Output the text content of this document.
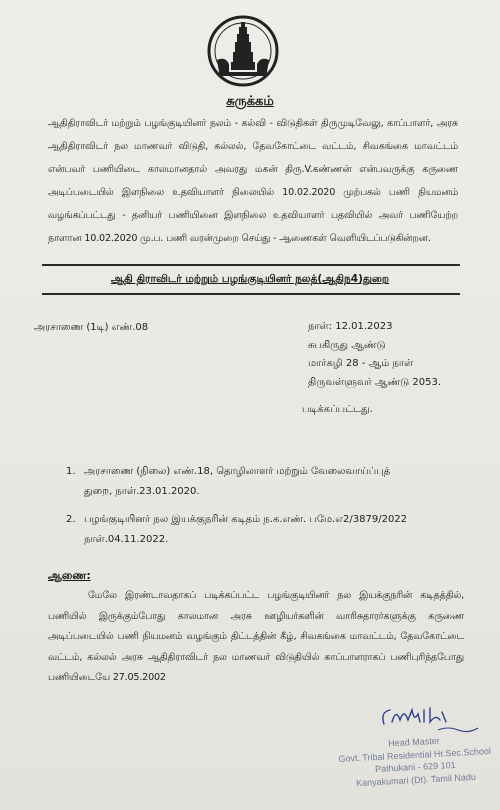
சுருக்கம்
ஆதிதிராவிடர் மற்றும் பழங்குடியினர் நலம் - கல்வி - விடுதிகள் திருமுடிவேலு, காப்பாளர், அரசு ஆதிதிராவிடர் நல மாணவர் விடுதி, கல்லல், தேவகோட்டை வட்டம், சிவகங்கை மாவட்டம் என்பவர் பணியிடை காலமானதால் அவரது மகன் திரு.V.கண்ணன் என்பவருக்கு கருணை அடிப்படையில் இளநிலை உதவியாளர் நிலையில் 10.02.2020 முற்பகல் பணி நியமனம் வழங்கப்பட்டது - தனியர் பணியினை இளநிலை உதவியாளர் பதவியில் அவர் பணியேற்ற நாளான 10.02.2020 மு.ப. பணி வரன்முறை செய்து - ஆணைகள் வெளியிடப்படுகின்றன.
ஆதி திராவிடர் மற்றும் பழங்குடியினர் நலத்(ஆதிந4)துறை
அரசாணை (1டி) எண்.08	நாள்: 12.01.2023
சுபகிருது ஆண்டு
மார்கழி 28 - ஆம் நாள்
திருவள்ளுவர் ஆண்டு 2053.
படிக்கப்பட்டது.
1. அரசாணை (நிலை) எண்.18, தொழிலாளர் மற்றும் வேலைவாய்ப்புத் துறை, நாள்.23.01.2020.
2. பழங்குடியினர் நல இயக்குநரின் கடிதம் ந.க.எண். பமே.எ2/3879/2022 நாள்.04.11.2022.
ஆணை:
மேலே இரண்டாவதாகப் படிக்கப்பட்ட பழங்குடியினர் நல இயக்குநரின் கடிதத்தில், பணியில் இருக்கும்போது காலமான அரசு ஊழியர்களின் வாரிசுதாரர்களுக்கு கருணை அடிப்படையில் பணி நியமனம் வழங்கும் திட்டத்தின் கீழ், சிவகங்கை மாவட்டம், தேவகோட்டை வட்டம், கல்லல் அரசு ஆதிதிராவிடர் நல மாணவர் விடுதியில் காப்பாளராகப் பணிபுரிந்தபோது பணியிடையே 27.05.2002
Head Master
Govt. Tribal Residential Hr.Sec.School
Pathukani - 629 101
Kanyakumari (Dt). Tamil Nadu
